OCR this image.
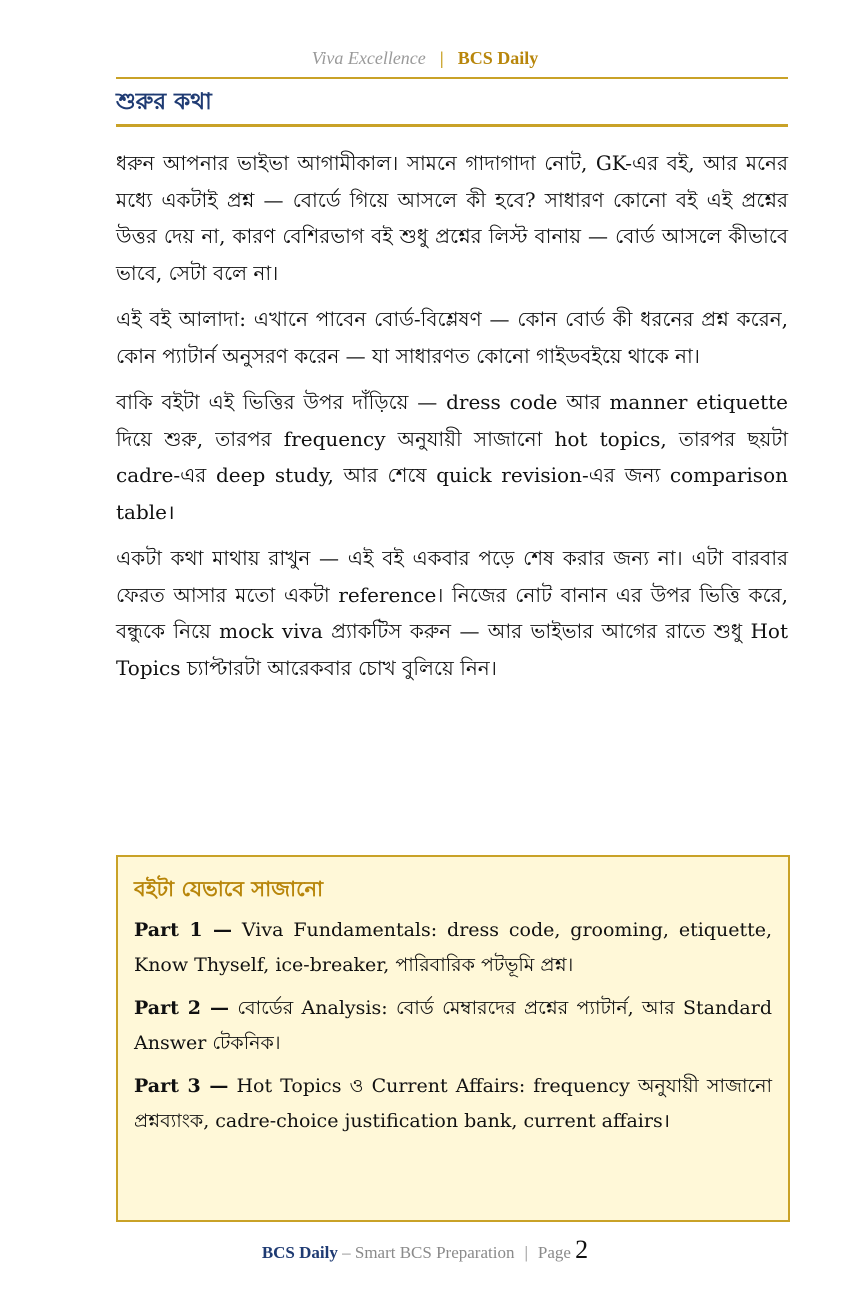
Viva Excellence | BCS Daily
শুরুর কথা

ধরুন আপনার ভাইভা আগামীকাল। সামনে গাদাগাদা নোট, GK-এর বই, আর মনের মধ্যে একটাই প্রশ্ন — বোর্ডে গিয়ে আসলে কী হবে? সাধারণ কোনো বই এই প্রশ্নের উত্তর দেয় না, কারণ বেশিরভাগ বই শুধু প্রশ্নের লিস্ট বানায় — বোর্ড আসলে কীভাবে ভাবে, সেটা বলে না।

এই বই আলাদা: এখানে পাবেন বোর্ড-বিশ্লেষণ — কোন বোর্ড কী ধরনের প্রশ্ন করেন, কোন প্যাটার্ন অনুসরণ করেন — যা সাধারণত কোনো গাইডবইয়ে থাকে না।

বাকি বইটা এই ভিত্তির উপর দাঁড়িয়ে — dress code আর manner etiquette দিয়ে শুরু, তারপর frequency অনুযায়ী সাজানো hot topics, তারপর ছয়টা cadre-এর deep study, আর শেষে quick revision-এর জন্য comparison table।

একটা কথা মাথায় রাখুন — এই বই একবার পড়ে শেষ করার জন্য না। এটা বারবার ফেরত আসার মতো একটা reference। নিজের নোট বানান এর উপর ভিত্তি করে, বন্ধুকে নিয়ে mock viva প্র্যাকটিস করুন — আর ভাইভার আগের রাতে শুধু Hot Topics চ্যাপ্টারটা আরেকবার চোখ বুলিয়ে নিন।

বইটা যেভাবে সাজানো

Part 1 — Viva Fundamentals: dress code, grooming, etiquette, Know Thyself, ice-breaker, পারিবারিক পটভূমি প্রশ্ন।

Part 2 — বোর্ডের Analysis: বোর্ড মেম্বারদের প্রশ্নের প্যাটার্ন, আর Standard Answer টেকনিক।

Part 3 — Hot Topics ও Current Affairs: frequency অনুযায়ী সাজানো প্রশ্নব্যাংক, cadre-choice justification bank, current affairs।

BCS Daily – Smart BCS Preparation | Page 2
